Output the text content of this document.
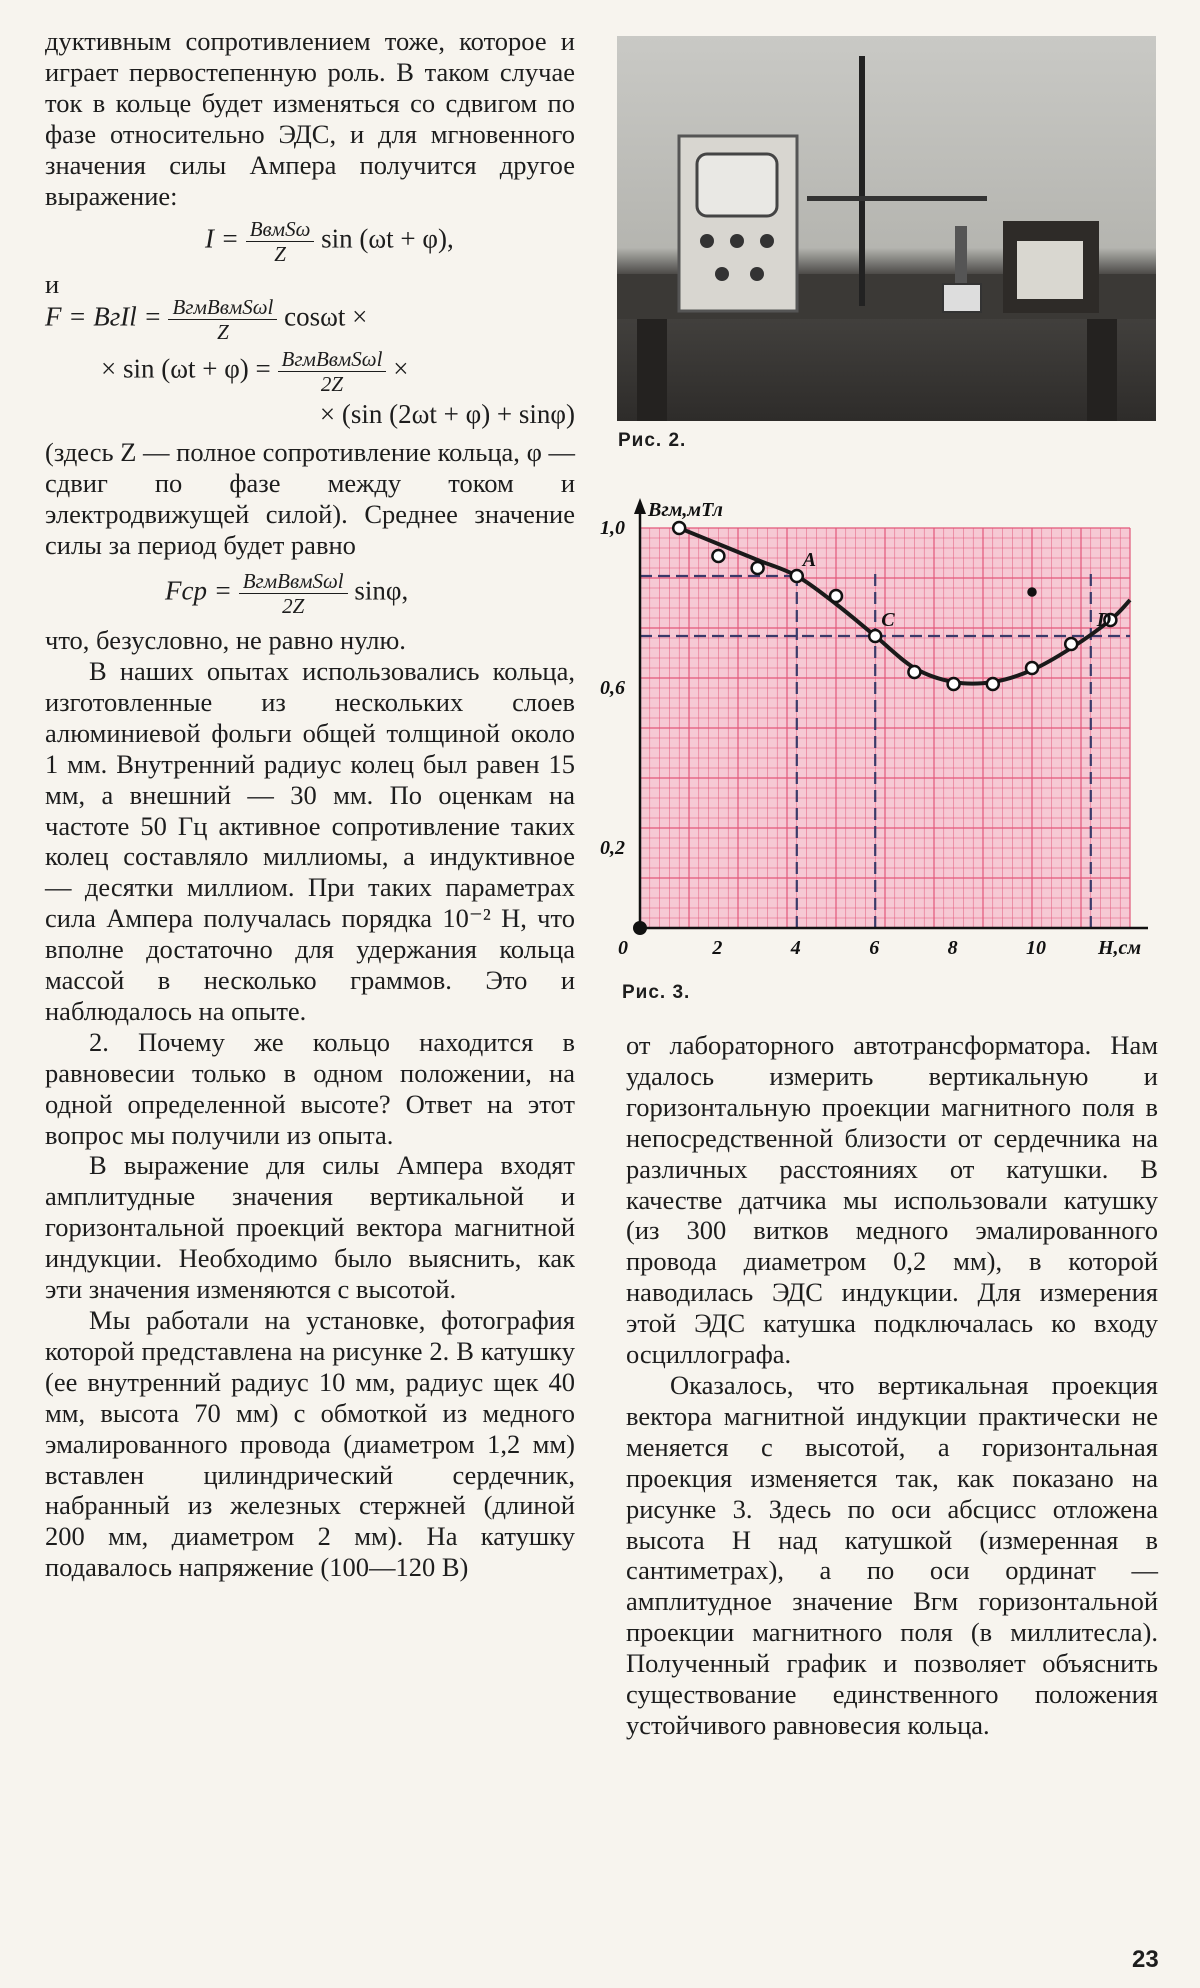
дуктивным сопротивлением тоже, которое и играет первостепенную роль. В таком случае ток в кольце будет изменяться со сдвигом по фазе относительно ЭДС, и для мгновенного значения силы Ампера получится другое выражение:

$I = \frac{\text{BвмSω}}{Z}$ sin (ωt + φ),
и
F = BгIl = $\frac{\text{BгмBвмSωl}}{Z}$ cosωt ×
× $\sin (\omega t + \varphi) = \frac{\text{BгмBвмSωl}}{2Z}$ ×
× (sin (2ωt + φ) + sinφ)

(здесь Z — полное сопротивление кольца, φ — сдвиг по фазе между током и электродвижущей силой). Среднее значение силы за период будет равно

Fср = $\frac{\text{BгмBвмSωl}}{2Z} \sin\varphi$,

что, безусловно, не равно нулю.

В наших опытах использовались кольца, изготовленные из нескольких слоев алюминиевой фольги общей толщиной около 1 мм. Внутренний радиус колец был равен 15 мм, а внешний — 30 мм. По оценкам на частоте 50 Гц активное сопротивление таких колец составляло миллиомы, а индуктивное — десятки миллиом. При таких параметрах сила Ампера получалась порядка 10⁻² Н, что вполне достаточно для удержания кольца массой в несколько граммов. Это и наблюдалось на опыте.

2. Почему же кольцо находится в равновесии только в одном положении, на одной определенной высоте? Ответ на этот вопрос мы получили из опыта.

В выражение для силы Ампера входят амплитудные значения вертикальной и горизонтальной проекций вектора магнитной индукции. Необходимо было выяснить, как эти значения изменяются с высотой.

Мы работали на установке, фотография которой представлена на рисунке 2. В катушку (ее внутренний радиус 10 мм, радиус щек 40 мм, высота 70 мм) с обмоткой из медного эмалированного провода (диаметром 1,2 мм) вставлен цилиндрический сердечник, набранный из железных стержней (длиной 200 мм, диаметром 2 мм). На катушку подавалось напряжение (100—120 В)

Рис. 2.
0	2	4	6	8	10
0,2
0,6
1,0
H,см
Bгм,мТл
A
C	D
Рис. 3.

от лабораторного автотрансформатора. Нам удалось измерить вертикальную и горизонтальную проекции магнитного поля в непосредственной близости от сердечника на различных расстояниях от катушки. В качестве датчика мы использовали катушку (из 300 витков медного эмалированного провода диаметром 0,2 мм), в которой наводилась ЭДС индукции. Для измерения этой ЭДС катушка подключалась ко входу осциллографа.

Оказалось, что вертикальная проекция вектора магнитной индукции практически не меняется с высотой, а горизонтальная проекция изменяется так, как показано на рисунке 3. Здесь по оси абсцисс отложена высота H над катушкой (измеренная в сантиметрах), а по оси ординат — амплитудное значение Bгм горизонтальной проекции магнитного поля (в миллитесла). Полученный график и позволяет объяснить существование единственного положения устойчивого равновесия кольца.

23
